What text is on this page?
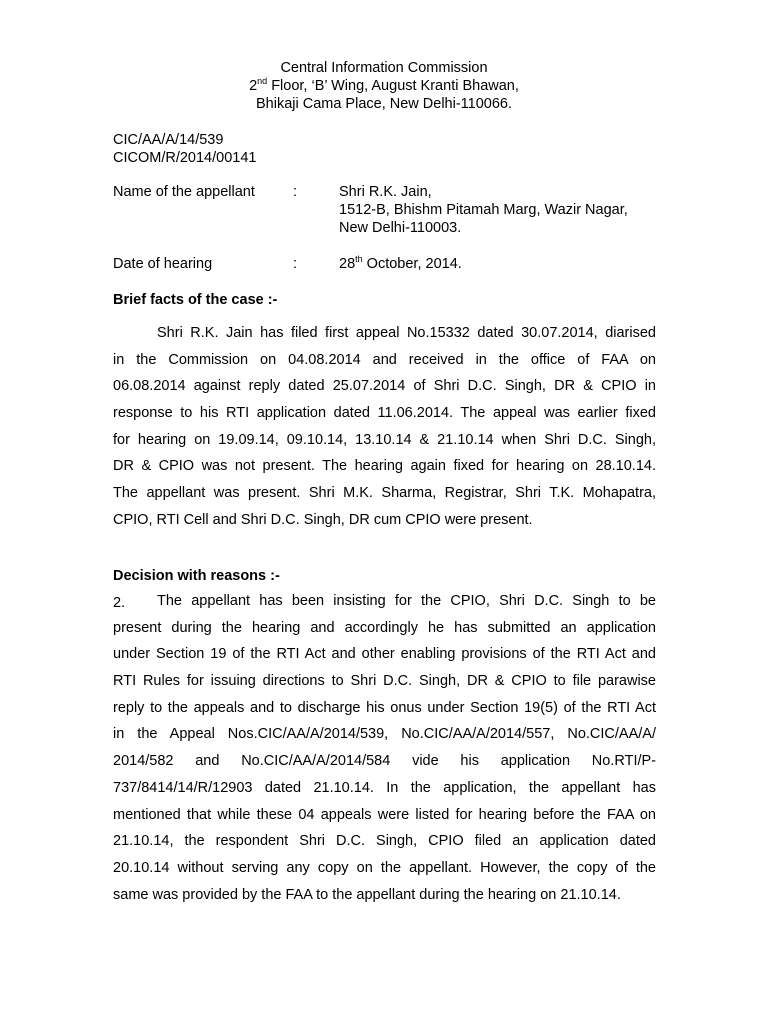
Central Information Commission
2nd Floor, ‘B’ Wing, August Kranti Bhawan,
Bhikaji Cama Place, New Delhi-110066.
CIC/AA/A/14/539
CICOM/R/2014/00141
Name of the appellant	:	Shri R.K. Jain,
1512-B, Bhishm Pitamah Marg, Wazir Nagar,
New Delhi-110003.
Date of hearing	:	28th October, 2014.
Brief facts of the case :-
Shri R.K. Jain has filed first appeal No.15332 dated 30.07.2014, diarised
in the Commission on 04.08.2014 and received in the office of FAA on
06.08.2014 against reply dated 25.07.2014 of Shri D.C. Singh, DR & CPIO in
response to his RTI application dated 11.06.2014. The appeal was earlier fixed
for hearing on 19.09.14, 09.10.14, 13.10.14 & 21.10.14 when Shri D.C. Singh,
DR & CPIO was not present. The hearing again fixed for hearing on 28.10.14.
The appellant was present. Shri M.K. Sharma, Registrar, Shri T.K. Mohapatra,
CPIO, RTI Cell and Shri D.C. Singh, DR cum CPIO were present.
Decision with reasons :-
2.	The appellant has been insisting for the CPIO, Shri D.C. Singh to be
present during the hearing and accordingly he has submitted an application
under Section 19 of the RTI Act and other enabling provisions of the RTI Act and
RTI Rules for issuing directions to Shri D.C. Singh, DR & CPIO to file parawise
reply to the appeals and to discharge his onus under Section 19(5) of the RTI Act
in the Appeal Nos.CIC/AA/A/2014/539, No.CIC/AA/A/2014/557, No.CIC/AA/A/
2014/582 and No.CIC/AA/A/2014/584 vide his application No.RTI/P-
737/8414/14/R/12903 dated 21.10.14. In the application, the appellant has
mentioned that while these 04 appeals were listed for hearing before the FAA on
21.10.14, the respondent Shri D.C. Singh, CPIO filed an application dated
20.10.14 without serving any copy on the appellant. However, the copy of the
same was provided by the FAA to the appellant during the hearing on 21.10.14.
